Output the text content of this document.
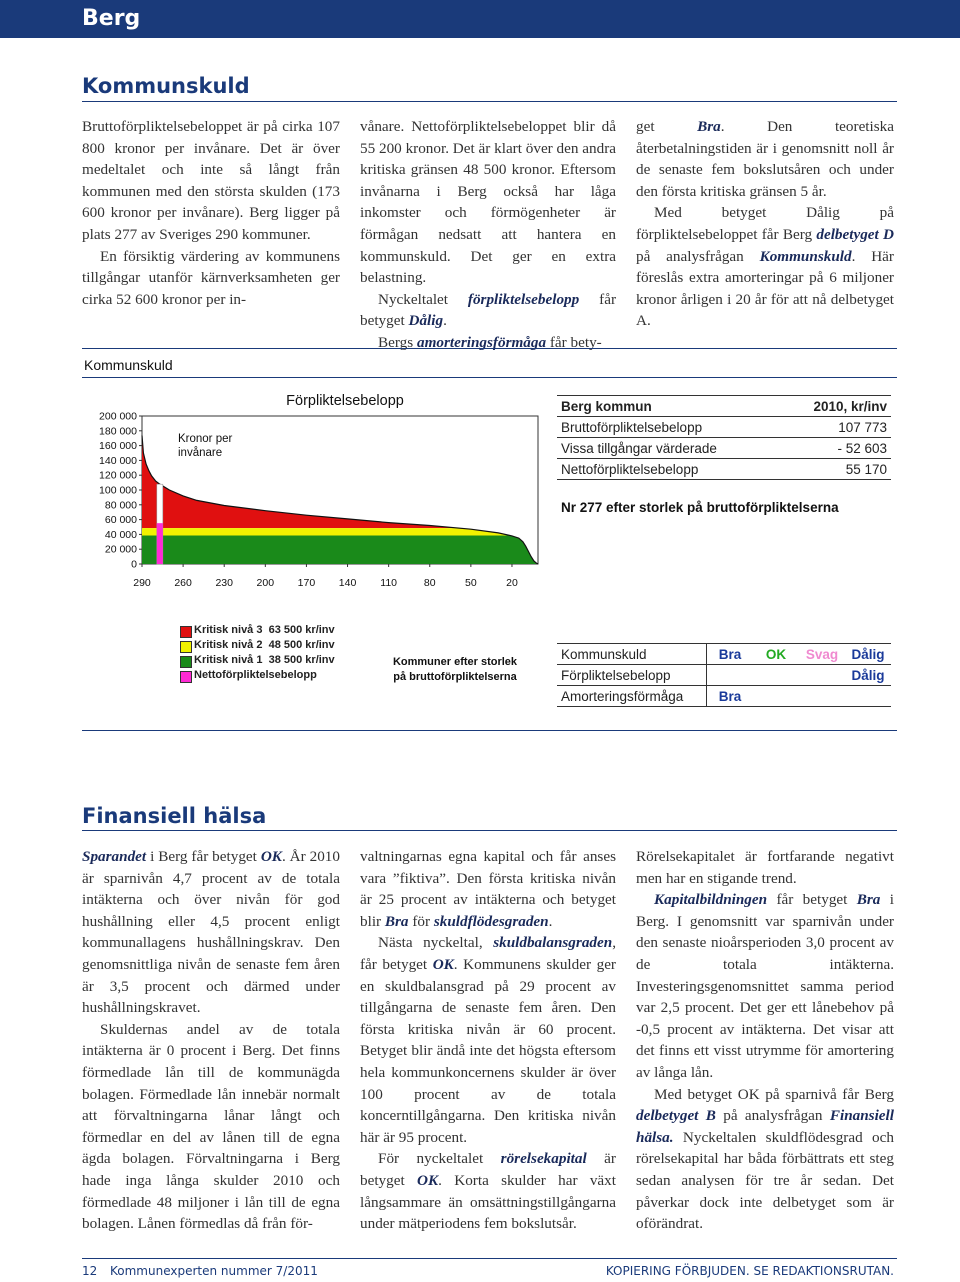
Berg
Kommunskuld

Bruttoförpliktelsebeloppet är på cirka 107 800 kronor per invånare. Det är över medeltalet och inte så långt från kommunen med den största skulden (173 600 kronor per invånare). Berg ligger på plats 277 av Sveriges 290 kommuner.

En försiktig värdering av kommunens tillgångar utanför kärnverksamheten ger cirka 52 600 kronor per in-

vånare. Nettoförpliktelsebeloppet blir då 55 200 kronor. Det är klart över den andra kritiska gränsen 48 500 kronor. Eftersom invånarna i Berg också har låga inkomster och förmögenheter är förmågan nedsatt att hantera en kommunskuld. Det ger en extra belastning.

Nyckeltalet förpliktelsebelopp får betyget Dålig.

Bergs amorteringsförmåga får bety-

get Bra. Den teoretiska återbetalningstiden är i genomsnitt noll år de senaste fem bokslutsåren och under den första kritiska gränsen 5 år.

Med betyget Dålig på förpliktelsebeloppet får Berg delbetyget D på analysfrågan Kommunskuld. Här föreslås extra amorteringar på 6 miljoner kronor årligen i 20 år för att nå delbetyget A.

Kommunskuld
Förpliktelsebelopp
Kronor per
invånare
200 000
180 000
160 000
140 000
120 000
100 000
80 000
60 000
40 000
20 000
0
290 260 230 200 170 140 110	80	50	20
Berg kommun	2010, kr/inv
Bruttoförpliktelsebelopp	107 773
Vissa tillgångar värderade	- 52 603
Nettoförpliktelsebelopp	55 170
Nr 277 efter storlek på bruttoförpliktelserna
Kritisk nivå 3  63 500 kr/inv
Kritisk nivå 2  48 500 kr/inv
Kritisk nivå 1  38 500 kr/inv
Nettoförpliktelsebelopp
Kommuner efter storlek
på bruttoförpliktelserna
Kommunskuld	Bra	OK	Svag	Dålig
Förpliktelsebelopp				Dålig
Amorteringsförmåga	Bra			
Finansiell hälsa

Sparandet i Berg får betyget OK. År 2010 är sparnivån 4,7 procent av de totala intäkterna och över nivån för god hushållning eller 4,5 procent enligt kommunallagens hushållningskrav. Den genomsnittliga nivån de senaste fem åren är 3,5 procent och därmed under hushållningskravet.

Skuldernas andel av de totala intäkterna är 0 procent i Berg. Det finns förmedlade lån till de kommunägda bolagen. Förmedlade lån innebär normalt att förvaltningarna lånar långt och förmedlar en del av lånen till de egna ägda bolagen. Förvaltningarna i Berg hade inga långa skulder 2010 och förmedlade 48 miljoner i lån till de egna bolagen. Lånen förmedlas då från för-

valtningarnas egna kapital och får anses vara ”fiktiva”. Den första kritiska nivån är 25 procent av intäkterna och betyget blir Bra för skuldflödesgraden.

Nästa nyckeltal, skuldbalansgraden, får betyget OK. Kommunens skulder ger en skuldbalansgrad på 29 procent av tillgångarna de senaste fem åren. Den första kritiska nivån är 60 procent. Betyget blir ändå inte det högsta eftersom hela kommunkoncernens skulder är över 100 procent av de totala koncerntillgångarna. Den kritiska nivån här är 95 procent.

För nyckeltalet rörelsekapital är betyget OK. Korta skulder har växt långsammare än omsättningstillgångarna under mätperiodens fem bokslutsår.

Rörelsekapitalet är fortfarande negativt men har en stigande trend.

Kapitalbildningen får betyget Bra i Berg. I genomsnitt var sparnivån under den senaste nioårsperioden 3,0 procent av de totala intäkterna. Investeringsgenomsnittet samma period var 2,5 procent. Det ger ett lånebehov på -0,5 procent av intäkterna. Det visar att det finns ett visst utrymme för amortering av långa lån.

Med betyget OK på sparnivå får Berg delbetyget B på analysfrågan Finansiell hälsa. Nyckeltalen skuldflödesgrad och rörelsekapital har båda förbättrats ett steg sedan analysen för tre år sedan. Det påverkar dock inte delbetyget som är oförändrat.

12 Kommunexperten nummer 7/2011	KOPIERING FÖRBJUDEN. SE REDAKTIONSRUTAN.
